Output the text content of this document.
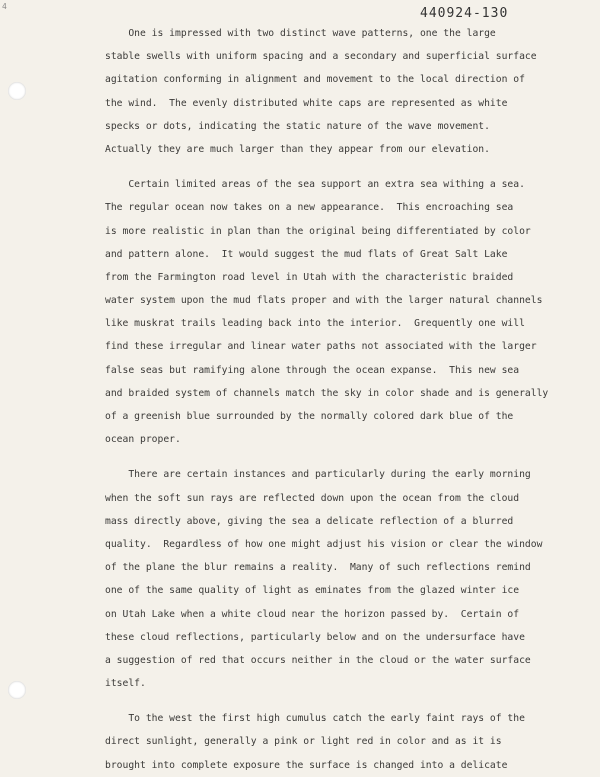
4	440924-130
One is impressed with two distinct wave patterns, one the large
stable swells with uniform spacing and a secondary and superficial surface
agitation conforming in alignment and movement to the local direction of
the wind.  The evenly distributed white caps are represented as white
specks or dots, indicating the static nature of the wave movement.
Actually they are much larger than they appear from our elevation.
Certain limited areas of the sea support an extra sea withing a sea.
The regular ocean now takes on a new appearance.  This encroaching sea
is more realistic in plan than the original being differentiated by color
and pattern alone.  It would suggest the mud flats of Great Salt Lake
from the Farmington road level in Utah with the characteristic braided
water system upon the mud flats proper and with the larger natural channels
like muskrat trails leading back into the interior.  Grequently one will
find these irregular and linear water paths not associated with the larger
false seas but ramifying alone through the ocean expanse.  This new sea
and braided system of channels match the sky in color shade and is generally
of a greenish blue surrounded by the normally colored dark blue of the
ocean proper.
There are certain instances and particularly during the early morning
when the soft sun rays are reflected down upon the ocean from the cloud
mass directly above, giving the sea a delicate reflection of a blurred
quality.  Regardless of how one might adjust his vision or clear the window
of the plane the blur remains a reality.  Many of such reflections remind
one of the same quality of light as eminates from the glazed winter ice
on Utah Lake when a white cloud near the horizon passed by.  Certain of
these cloud reflections, particularly below and on the undersurface have
a suggestion of red that occurs neither in the cloud or the water surface
itself.
To the west the first high cumulus catch the early faint rays of the
direct sunlight, generally a pink or light red in color and as it is
brought into complete exposure the surface is changed into a delicate
